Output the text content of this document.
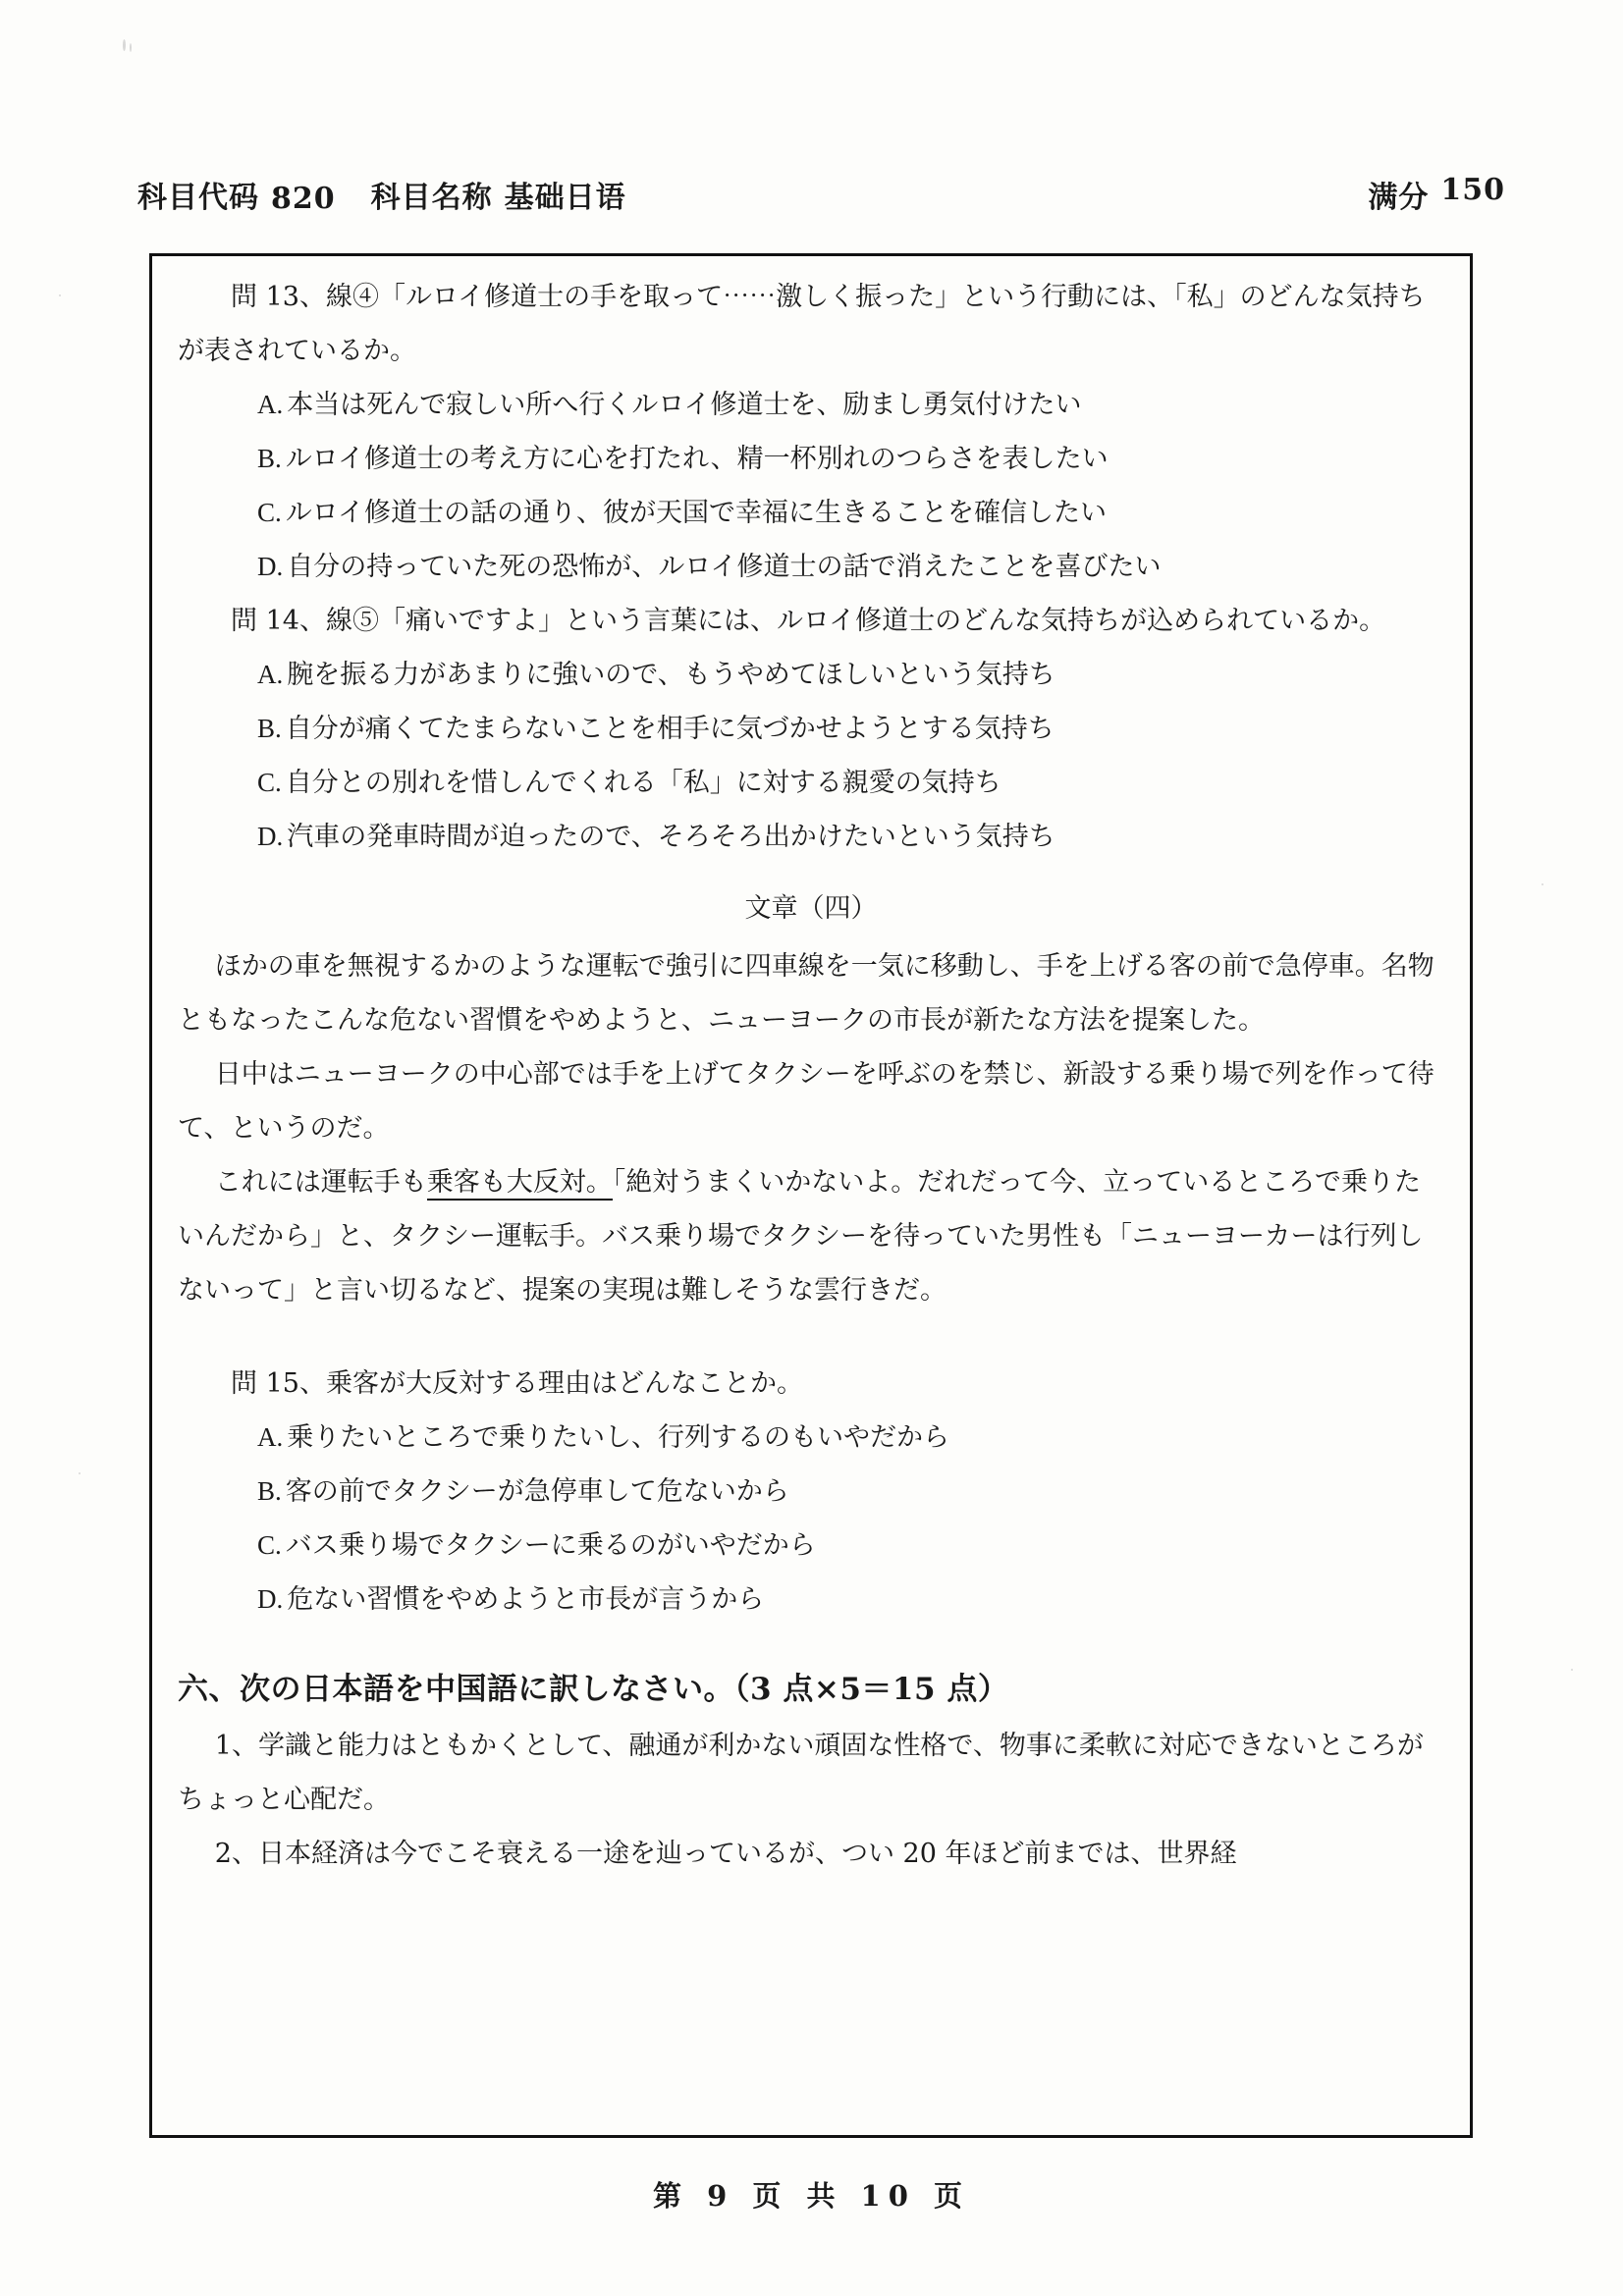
科目代码 820 科目名称 基础日语	满分 150

問 13、線④「ルロイ修道士の手を取って⋯⋯激しく振った」という行動には、「私」のどんな気持ちが表されているか。

A. 本当は死んで寂しい所へ行くルロイ修道士を、励まし勇気付けたい

B. ルロイ修道士の考え方に心を打たれ、精一杯別れのつらさを表したい

C. ルロイ修道士の話の通り、彼が天国で幸福に生きることを確信したい

D. 自分の持っていた死の恐怖が、ルロイ修道士の話で消えたことを喜びたい

問 14、線⑤「痛いですよ」という言葉には、ルロイ修道士のどんな気持ちが込められているか。

A. 腕を振る力があまりに強いので、もうやめてほしいという気持ち

B. 自分が痛くてたまらないことを相手に気づかせようとする気持ち

C. 自分との別れを惜しんでくれる「私」に対する親愛の気持ち

D. 汽車の発車時間が迫ったので、そろそろ出かけたいという気持ち

文章（四）

ほかの車を無視するかのような運転で強引に四車線を一気に移動し、手を上げる客の前で急停車。名物ともなったこんな危ない習慣をやめようと、ニューヨークの市長が新たな方法を提案した。

日中はニューヨークの中心部では手を上げてタクシーを呼ぶのを禁じ、新設する乗り場で列を作って待て、というのだ。

これには運転手も乗客も大反対。「絶対うまくいかないよ。だれだって今、立っているところで乗りたいんだから」と、タクシー運転手。バス乗り場でタクシーを待っていた男性も「ニューヨーカーは行列しないって」と言い切るなど、提案の実現は難しそうな雲行きだ。

問 15、乗客が大反対する理由はどんなことか。

A. 乗りたいところで乗りたいし、行列するのもいやだから

B. 客の前でタクシーが急停車して危ないから

C. バス乗り場でタクシーに乗るのがいやだから

D. 危ない習慣をやめようと市長が言うから

六、次の日本語を中国語に訳しなさい。（3 点×5＝15 点）

1、学識と能力はともかくとして、融通が利かない頑固な性格で、物事に柔軟に対応できないところがちょっと心配だ。

2、日本経済は今でこそ衰える一途を辿っているが、つい 20 年ほど前までは、世界経

第 9 页 共 10 页
